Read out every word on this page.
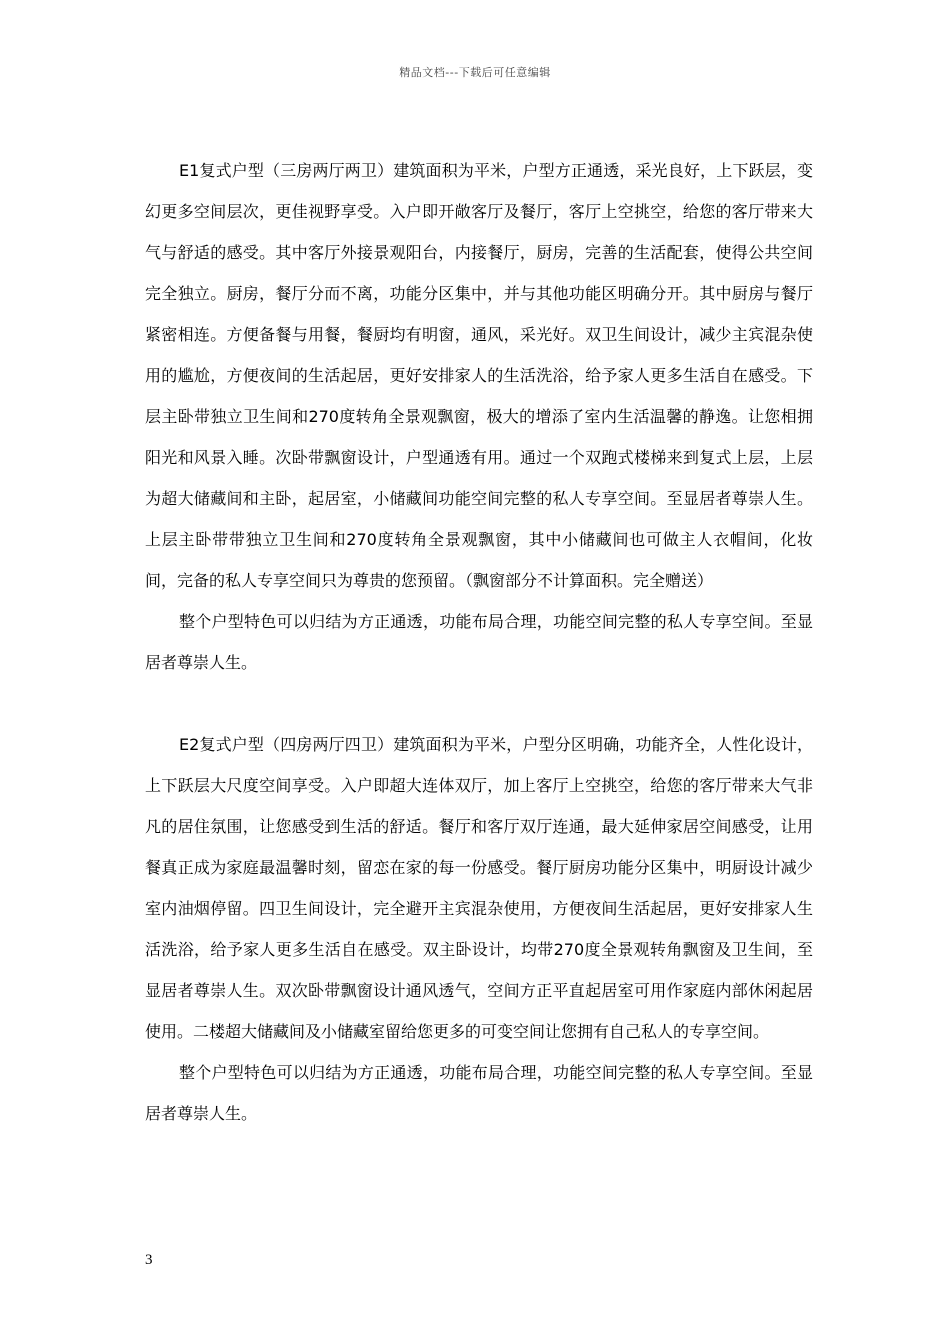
精品文档---下载后可任意编辑

E1复式户型（三房两厅两卫）建筑面积为平米，户型方正通透，采光良好，上下跃层，变幻更多空间层次，更佳视野享受。入户即开敞客厅及餐厅，客厅上空挑空，给您的客厅带来大气与舒适的感受。其中客厅外接景观阳台，内接餐厅，厨房，完善的生活配套，使得公共空间完全独立。厨房，餐厅分而不离，功能分区集中，并与其他功能区明确分开。其中厨房与餐厅紧密相连。方便备餐与用餐，餐厨均有明窗，通风，采光好。双卫生间设计，减少主宾混杂使用的尴尬，方便夜间的生活起居，更好安排家人的生活洗浴，给予家人更多生活自在感受。下层主卧带独立卫生间和270度转角全景观飘窗，极大的增添了室内生活温馨的静逸。让您相拥阳光和风景入睡。次卧带飘窗设计，户型通透有用。通过一个双跑式楼梯来到复式上层，上层为超大储藏间和主卧，起居室，小储藏间功能空间完整的私人专享空间。至显居者尊崇人生。上层主卧带带独立卫生间和270度转角全景观飘窗，其中小储藏间也可做主人衣帽间，化妆间，完备的私人专享空间只为尊贵的您预留。（飘窗部分不计算面积。完全赠送）

整个户型特色可以归结为方正通透，功能布局合理，功能空间完整的私人专享空间。至显居者尊崇人生。

E2复式户型（四房两厅四卫）建筑面积为平米，户型分区明确，功能齐全，人性化设计，上下跃层大尺度空间享受。入户即超大连体双厅，加上客厅上空挑空，给您的客厅带来大气非凡的居住氛围，让您感受到生活的舒适。餐厅和客厅双厅连通，最大延伸家居空间感受，让用餐真正成为家庭最温馨时刻，留恋在家的每一份感受。餐厅厨房功能分区集中，明厨设计减少室内油烟停留。四卫生间设计，完全避开主宾混杂使用，方便夜间生活起居，更好安排家人生活洗浴，给予家人更多生活自在感受。双主卧设计，均带270度全景观转角飘窗及卫生间，至显居者尊崇人生。双次卧带飘窗设计通风透气，空间方正平直起居室可用作家庭内部休闲起居使用。二楼超大储藏间及小储藏室留给您更多的可变空间让您拥有自己私人的专享空间。

整个户型特色可以归结为方正通透，功能布局合理，功能空间完整的私人专享空间。至显居者尊崇人生。

3
